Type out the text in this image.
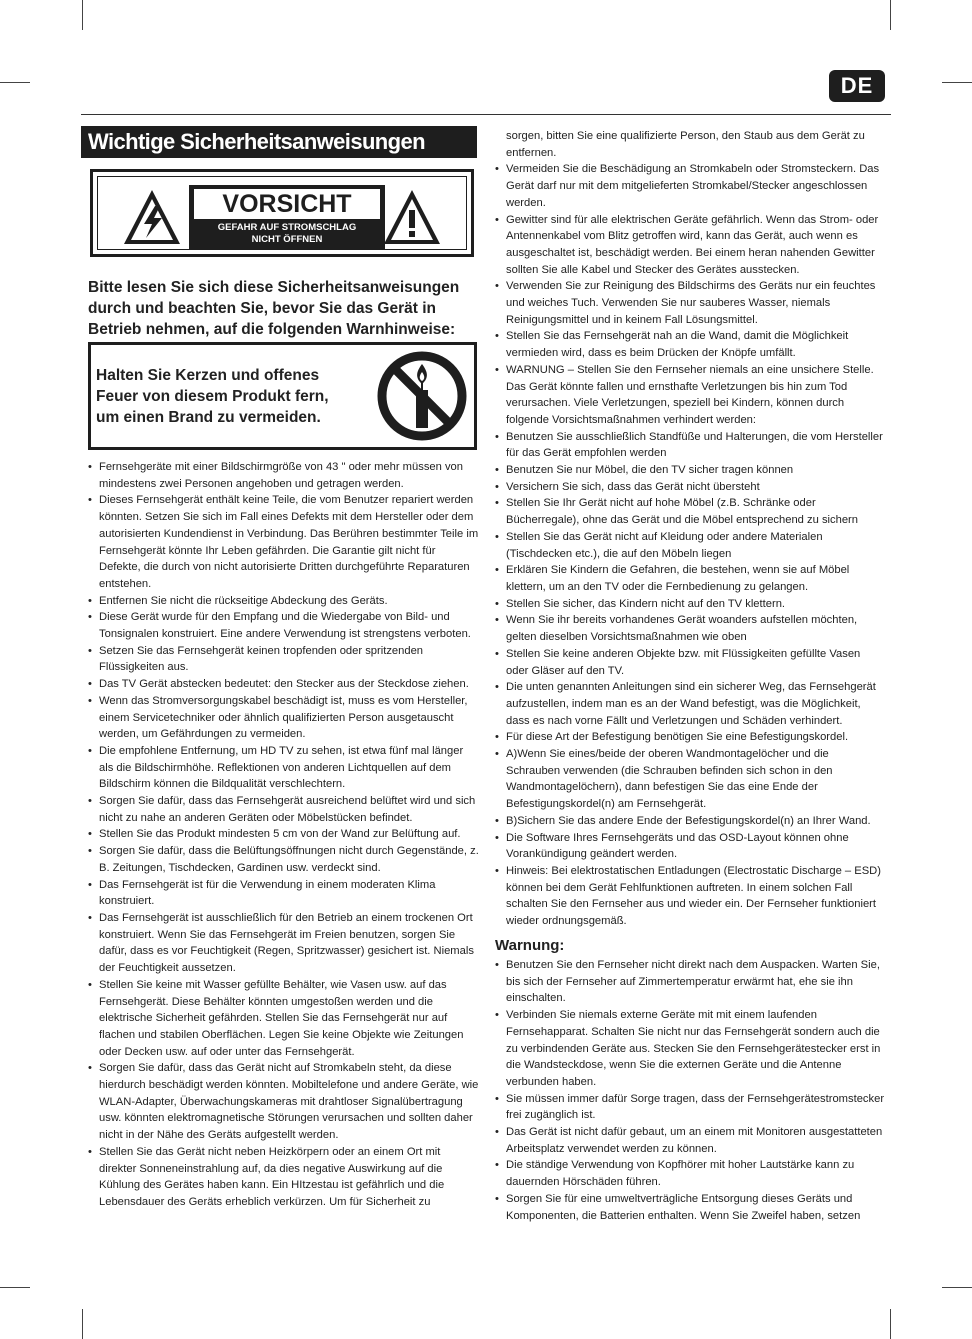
DE
Wichtige Sicherheitsanweisungen
VORSICHT
GEFAHR AUF STROMSCHLAG
NICHT ÖFFNEN
Bitte lesen Sie sich diese Sicherheitsanweisungen durch und beachten Sie, bevor Sie das Gerät in Betrieb nehmen, auf die folgenden Warnhinweise:
Halten Sie Kerzen und offenes Feuer von diesem Produkt fern, um einen Brand zu vermeiden.
• Fernsehgeräte mit einer Bildschirmgröße von 43 " oder mehr müssen von mindestens zwei Personen angehoben und getragen werden.
• Dieses Fernsehgerät enthält keine Teile, die vom Benutzer repariert werden könnten. Setzen Sie sich im Fall eines Defekts mit dem Hersteller oder dem autorisierten Kundendienst in Verbindung. Das Berühren bestimmter Teile im Fernsehgerät könnte Ihr Leben gefährden. Die Garantie gilt nicht für Defekte, die durch von nicht autorisierte Dritten durchgeführte Reparaturen entstehen.
• Entfernen Sie nicht die rückseitige Abdeckung des Geräts.
• Diese Gerät wurde für den Empfang und die Wiedergabe von Bild- und Tonsignalen konstruiert. Eine andere Verwendung ist strengstens verboten.
• Setzen Sie das Fernsehgerät keinen tropfenden oder spritzenden Flüssigkeiten aus.
• Das TV Gerät abstecken bedeutet: den Stecker aus der Steckdose ziehen.
• Wenn das Stromversorgungskabel beschädigt ist, muss es vom Hersteller, einem Servicetechniker oder ähnlich qualifizierten Person ausgetauscht werden, um Gefährdungen zu vermeiden.
• Die empfohlene Entfernung, um HD TV zu sehen, ist etwa fünf mal länger als die Bildschirmhöhe. Reflektionen von anderen Lichtquellen auf dem Bildschirm können die Bildqualität verschlechtern.
• Sorgen Sie dafür, dass das Fernsehgerät ausreichend belüftet wird und sich nicht zu nahe an anderen Geräten oder Möbelstücken befindet.
• Stellen Sie das Produkt mindesten 5 cm von der Wand zur Belüftung auf.
• Sorgen Sie dafür, dass die Belüftungsöffnungen nicht durch Gegenstände, z. B. Zeitungen, Tischdecken, Gardinen usw. verdeckt sind.
• Das Fernsehgerät ist für die Verwendung in einem moderaten Klima konstruiert.
• Das Fernsehgerät ist ausschließlich für den Betrieb an einem trockenen Ort konstruiert. Wenn Sie das Fernsehgerät im Freien benutzen, sorgen Sie dafür, dass es vor Feuchtigkeit (Regen, Spritzwasser) gesichert ist. Niemals der Feuchtigkeit aussetzen.
• Stellen Sie keine mit Wasser gefüllte Behälter, wie Vasen usw. auf das Fernsehgerät. Diese Behälter könnten umgestoßen werden und die elektrische Sicherheit gefährden. Stellen Sie das Fernsehgerät nur auf flachen und stabilen Oberflächen. Legen Sie keine Objekte wie Zeitungen oder Decken usw. auf oder unter das Fernsehgerät.
• Sorgen Sie dafür, dass das Gerät nicht auf Stromkabeln steht, da diese hierdurch beschädigt werden könnten. Mobiltelefone und andere Geräte, wie WLAN-Adapter, Überwachungskameras mit drahtloser Signalübertragung usw. könnten elektromagnetische Störungen verursachen und sollten daher nicht in der Nähe des Geräts aufgestellt werden.
• Stellen Sie das Gerät nicht neben Heizkörpern oder an einem Ort mit direkter Sonneneinstrahlung auf, da dies negative Auswirkung auf die Kühlung des Gerätes haben kann. Ein HItzestau ist gefährlich und die Lebensdauer des Geräts erheblich verkürzen. Um für Sicherheit zu
sorgen, bitten Sie eine qualifizierte Person, den Staub aus dem Gerät zu entfernen.
• Vermeiden Sie die Beschädigung an Stromkabeln oder Stromsteckern. Das Gerät darf nur mit dem mitgelieferten Stromkabel/Stecker angeschlossen werden.
• Gewitter sind für alle elektrischen Geräte gefährlich. Wenn das Strom- oder Antennenkabel vom Blitz getroffen wird, kann das Gerät, auch wenn es ausgeschaltet ist, beschädigt werden. Bei einem heran nahenden Gewitter sollten Sie alle Kabel und Stecker des Gerätes ausstecken.
• Verwenden Sie zur Reinigung des Bildschirms des Geräts nur ein feuchtes und weiches Tuch. Verwenden Sie nur sauberes Wasser, niemals Reinigungsmittel und in keinem Fall Lösungsmittel.
• Stellen Sie das Fernsehgerät nah an die Wand, damit die Möglichkeit vermieden wird, dass es beim Drücken der Knöpfe umfällt.
• WARNUNG – Stellen Sie den Fernseher niemals an eine unsichere Stelle. Das Gerät könnte fallen und ernsthafte Verletzungen bis hin zum Tod verursachen. Viele Verletzungen, speziell bei Kindern, können durch folgende Vorsichtsmaßnahmen verhindert werden:
• Benutzen Sie ausschließlich Standfüße und Halterungen, die vom Hersteller für das Gerät empfohlen werden
• Benutzen Sie nur Möbel, die den TV sicher tragen können
• Versichern Sie sich, dass das Gerät nicht übersteht
• Stellen Sie Ihr Gerät nicht auf hohe Möbel (z.B. Schränke oder Bücherregale), ohne das Gerät und die Möbel entsprechend zu sichern
• Stellen Sie das Gerät nicht auf Kleidung oder andere Materialen (Tischdecken etc.), die auf den Möbeln liegen
• Erklären Sie Kindern die Gefahren, die bestehen, wenn sie auf Möbel klettern, um an den TV oder die Fernbedienung zu gelangen.
• Stellen Sie sicher, das Kindern nicht auf den TV klettern.
• Wenn Sie ihr bereits vorhandenes Gerät woanders aufstellen möchten, gelten dieselben Vorsichtsmaßnahmen wie oben
• Stellen Sie keine anderen Objekte bzw. mit Flüssigkeiten gefüllte Vasen oder Gläser auf den TV.
• Die unten genannten Anleitungen sind ein sicherer Weg, das Fernsehgerät aufzustellen, indem man es an der Wand befestigt, was die Möglichkeit, dass es nach vorne Fällt und Verletzungen und Schäden verhindert.
• Für diese Art der Befestigung benötigen Sie eine Befestigungskordel.
• A)Wenn Sie eines/beide der oberen Wandmontagelöcher und die Schrauben verwenden (die Schrauben befinden sich schon in den Wandmontagelöchern), dann befestigen Sie das eine Ende der Befestigungskordel(n) am Fernsehgerät.
• B)Sichern Sie das andere Ende der Befestigungskordel(n) an Ihrer Wand.
• Die Software Ihres Fernsehgeräts und das OSD-Layout können ohne Vorankündigung geändert werden.
• Hinweis: Bei elektrostatischen Entladungen (Electrostatic Discharge – ESD) können bei dem Gerät Fehlfunktionen auftreten. In einem solchen Fall schalten Sie den Fernseher aus und wieder ein. Der Fernseher funktioniert wieder ordnungsgemäß.
Warnung:
• Benutzen Sie den Fernseher nicht direkt nach dem Auspacken. Warten Sie, bis sich der Fernseher auf Zimmertemperatur erwärmt hat, ehe sie ihn einschalten.
• Verbinden Sie niemals externe Geräte mit mit einem laufenden Fernsehapparat. Schalten Sie nicht nur das Fernsehgerät sondern auch die zu verbindenden Geräte aus. Stecken Sie den Fernsehgerätestecker erst in die Wandsteckdose, wenn Sie die externen Geräte und die Antenne verbunden haben.
• Sie müssen immer dafür Sorge tragen, dass der Fernsehgerätestromstecker frei zugänglich ist.
• Das Gerät ist nicht dafür gebaut, um an einem mit Monitoren ausgestatteten Arbeitsplatz verwendet werden zu können.
• Die ständige Verwendung von Kopfhörer mit hoher Lautstärke kann zu dauernden Hörschäden führen.
• Sorgen Sie für eine umweltverträgliche Entsorgung dieses Geräts und Komponenten, die Batterien enthalten. Wenn Sie Zweifel haben, setzen
